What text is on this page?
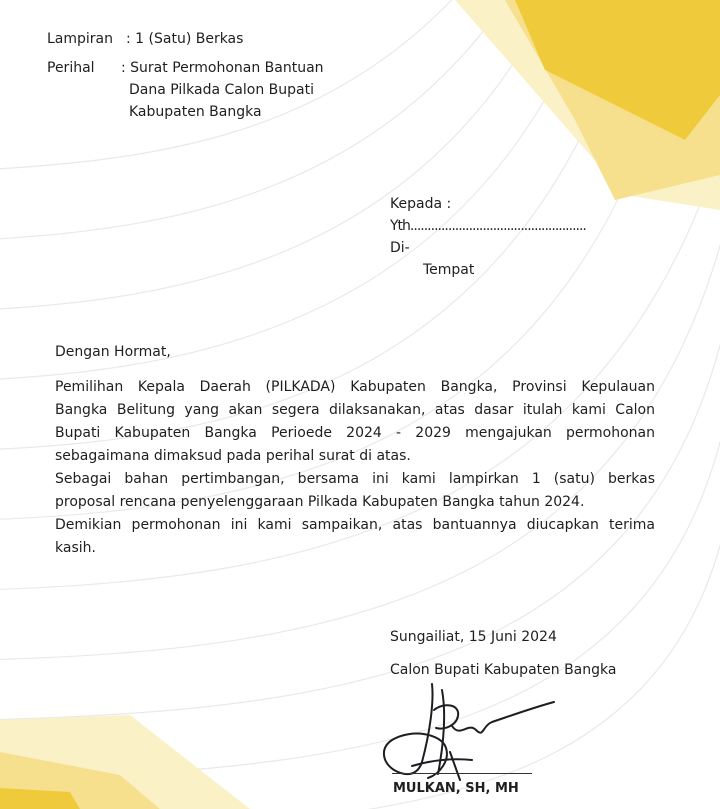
Lampiran : 1 (Satu) Berkas
Perihal : Surat Permohonan Bantuan
Dana Pilkada Calon Bupati
Kabupaten Bangka
Kepada :
Yth...................................................
Di-
Tempat
Dengan Hormat,
Pemilihan Kepala Daerah (PILKADA) Kabupaten Bangka, Provinsi Kepulauan
Bangka Belitung yang akan segera dilaksanakan, atas dasar itulah kami Calon
Bupati Kabupaten Bangka Perioede 2024 - 2029 mengajukan permohonan
sebagaimana dimaksud pada perihal surat di atas.
Sebagai bahan pertimbangan, bersama ini kami lampirkan 1 (satu) berkas
proposal rencana penyelenggaraan Pilkada Kabupaten Bangka tahun 2024.
Demikian permohonan ini kami sampaikan, atas bantuannya diucapkan terima
kasih.
Sungailiat, 15 Juni 2024
Calon Bupati Kabupaten Bangka
MULKAN, SH, MH
